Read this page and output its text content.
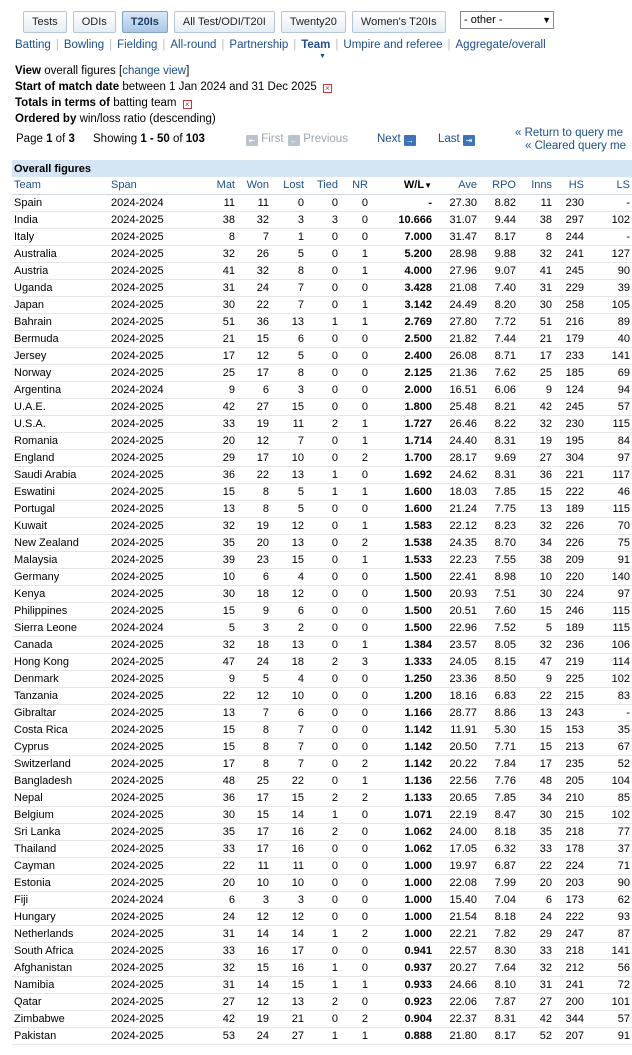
Tests	ODIs	T20Is	All Test/ODI/T20I	Twenty20	Women's T20Is	- other -	▼
Batting | Bowling | Fielding | All-round | Partnership | Team | Umpire and referee | Aggregate/overall
▼
View overall figures [change view]
Start of match date between 1 Jan 2024 and 31 Dec 2025 ×
Totals in terms of batting team ×
Ordered by win/loss ratio (descending)
Page 1 of 3 Showing 1 - 50 of 103	⇤ First ← Previous	Next → Last ⇥
« Return to query me
« Cleared query me
Overall figures												
Team	Span	Mat	Won	Lost	Tied	NR	W/L▼	Ave	RPO	Inns	HS	LS
Spain	2024-2024	11	11	0	0	0	-	27.30	8.82	11	230	-
India	2024-2025	38	32	3	3	0	10.666	31.07	9.44	38	297	102
Italy	2024-2025	8	7	1	0	0	7.000	31.47	8.17	8	244	-
Australia	2024-2025	32	26	5	0	1	5.200	28.98	9.88	32	241	127
Austria	2024-2025	41	32	8	0	1	4.000	27.96	9.07	41	245	90
Uganda	2024-2025	31	24	7	0	0	3.428	21.08	7.40	31	229	39
Japan	2024-2025	30	22	7	0	1	3.142	24.49	8.20	30	258	105
Bahrain	2024-2025	51	36	13	1	1	2.769	27.80	7.72	51	216	89
Bermuda	2024-2025	21	15	6	0	0	2.500	21.82	7.44	21	179	40
Jersey	2024-2025	17	12	5	0	0	2.400	26.08	8.71	17	233	141
Norway	2024-2025	25	17	8	0	0	2.125	21.36	7.62	25	185	69
Argentina	2024-2024	9	6	3	0	0	2.000	16.51	6.06	9	124	94
U.A.E.	2024-2025	42	27	15	0	0	1.800	25.48	8.21	42	245	57
U.S.A.	2024-2025	33	19	11	2	1	1.727	26.46	8.22	32	230	115
Romania	2024-2025	20	12	7	0	1	1.714	24.40	8.31	19	195	84
England	2024-2025	29	17	10	0	2	1.700	28.17	9.69	27	304	97
Saudi Arabia	2024-2025	36	22	13	1	0	1.692	24.62	8.31	36	221	117
Eswatini	2024-2025	15	8	5	1	1	1.600	18.03	7.85	15	222	46
Portugal	2024-2025	13	8	5	0	0	1.600	21.24	7.75	13	189	115
Kuwait	2024-2025	32	19	12	0	1	1.583	22.12	8.23	32	226	70
New Zealand	2024-2025	35	20	13	0	2	1.538	24.35	8.70	34	226	75
Malaysia	2024-2025	39	23	15	0	1	1.533	22.23	7.55	38	209	91
Germany	2024-2025	10	6	4	0	0	1.500	22.41	8.98	10	220	140
Kenya	2024-2025	30	18	12	0	0	1.500	20.93	7.51	30	224	97
Philippines	2024-2025	15	9	6	0	0	1.500	20.51	7.60	15	246	115
Sierra Leone	2024-2024	5	3	2	0	0	1.500	22.96	7.52	5	189	115
Canada	2024-2025	32	18	13	0	1	1.384	23.57	8.05	32	236	106
Hong Kong	2024-2025	47	24	18	2	3	1.333	24.05	8.15	47	219	114
Denmark	2024-2025	9	5	4	0	0	1.250	23.36	8.50	9	225	102
Tanzania	2024-2025	22	12	10	0	0	1.200	18.16	6.83	22	215	83
Gibraltar	2024-2025	13	7	6	0	0	1.166	28.77	8.86	13	243	-
Costa Rica	2024-2025	15	8	7	0	0	1.142	11.91	5.30	15	153	35
Cyprus	2024-2025	15	8	7	0	0	1.142	20.50	7.71	15	213	67
Switzerland	2024-2025	17	8	7	0	2	1.142	20.22	7.84	17	235	52
Bangladesh	2024-2025	48	25	22	0	1	1.136	22.56	7.76	48	205	104
Nepal	2024-2025	36	17	15	2	2	1.133	20.65	7.85	34	210	85
Belgium	2024-2025	30	15	14	1	0	1.071	22.19	8.47	30	215	102
Sri Lanka	2024-2025	35	17	16	2	0	1.062	24.00	8.18	35	218	77
Thailand	2024-2025	33	17	16	0	0	1.062	17.05	6.32	33	178	37
Cayman	2024-2025	22	11	11	0	0	1.000	19.97	6.87	22	224	71
Estonia	2024-2025	20	10	10	0	0	1.000	22.08	7.99	20	203	90
Fiji	2024-2024	6	3	3	0	0	1.000	15.40	7.04	6	173	62
Hungary	2024-2025	24	12	12	0	0	1.000	21.54	8.18	24	222	93
Netherlands	2024-2025	31	14	14	1	2	1.000	22.21	7.82	29	247	87
South Africa	2024-2025	33	16	17	0	0	0.941	22.57	8.30	33	218	141
Afghanistan	2024-2025	32	15	16	1	0	0.937	20.27	7.64	32	212	56
Namibia	2024-2025	31	14	15	1	1	0.933	24.66	8.10	31	241	72
Qatar	2024-2025	27	12	13	2	0	0.923	22.06	7.87	27	200	101
Zimbabwe	2024-2025	42	19	21	0	2	0.904	22.37	8.31	42	344	57
Pakistan	2024-2025	53	24	27	1	1	0.888	21.80	8.17	52	207	91
